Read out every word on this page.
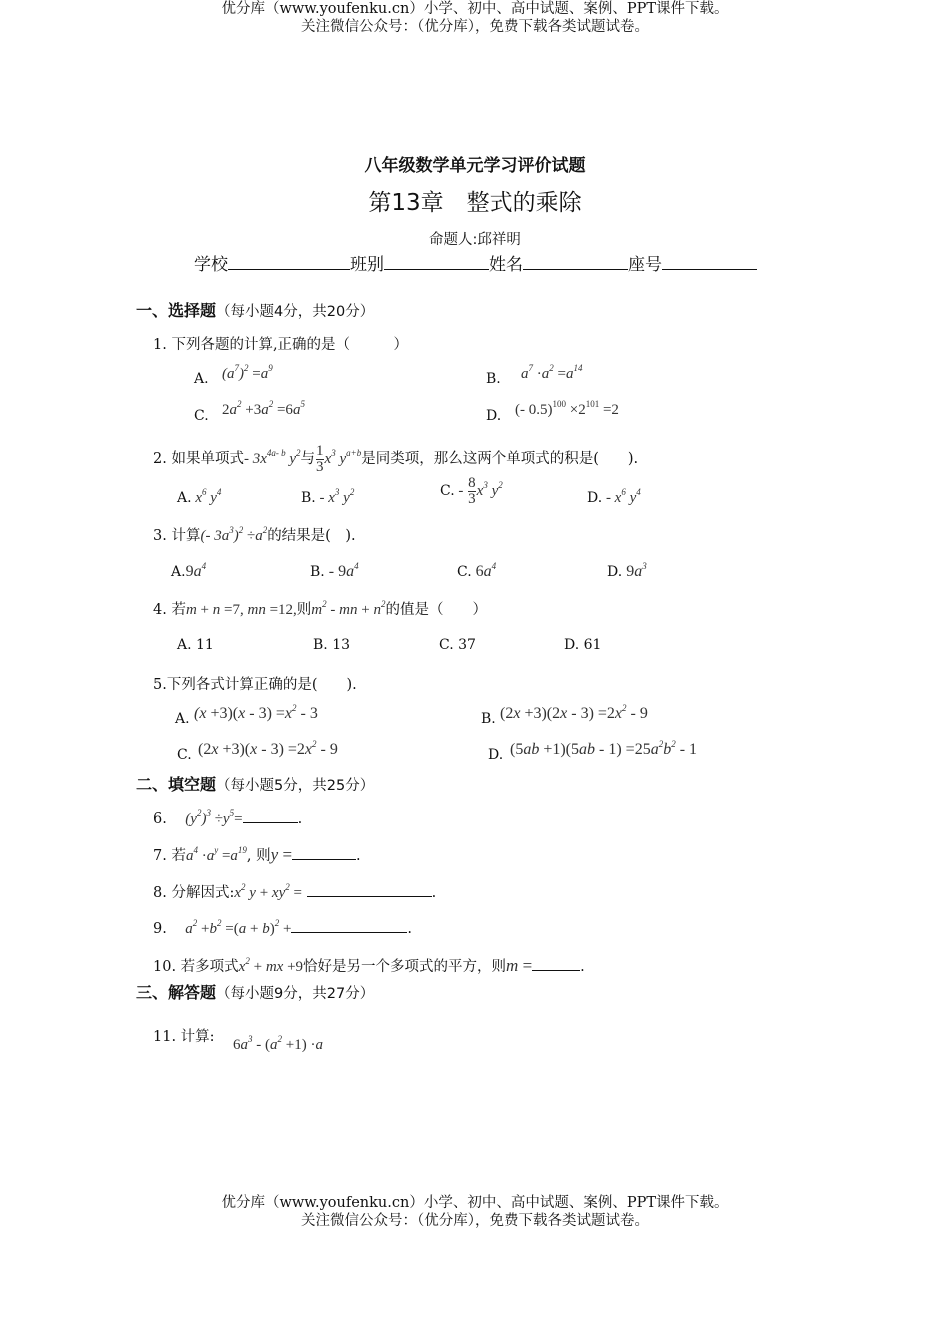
优分库（www.youfenku.cn）小学、初中、高中试题、案例、PPT课件下载。
关注微信公众号：（优分库），免费下载各类试题试卷。
八年级数学单元学习评价试题
第13章　整式的乘除
命题人:邱祥明
学校	班别	姓名	座号
一、选择题（每小题4分，共20分）
1. 下列各题的计算,正确的是（　　　）
A. $(a^7)^2 =a^9$
B. $a^7 \cdot a^2 =a^{14}$
C. $2a^2 +3a^2 =6a^5$
D. (- $0.5)^{100} \times 2^{101} =2$
2. 如果单项式- $3x^{4a- b}$ $y^2$与 $\frac{1}{3} x^3$ $y^{a+b}$是同类项，那么这两个单项式的积是(　　).
A. $x^6$ $y^4$	B. - $x^3$ $y^2$	C. - $\frac{8}{3} x^3$ $y^2$
D. - $x^6$ $y^4$
3. 计算(- $3a^3)^2 \div a^2$的结果是(　).
$A.9a^4$	B. - $9a^4$	C. $6a^4$	D. $9a^3$
4. 若m + n =7, mn =12,则$m^2$ - mn + $n^2$的值是（　　）
A. 11	B. 13	C. 37	D. 61
5.下列各式计算正确的是(　　).
A. $(x +3)(x - 3) =x^2 - 3$	B. $(2x +3)(2x - 3) =2x^2 - 9$
C. $(2x +3)(x - 3) =2x^2 - 9$	D. $(5ab +1)(5ab - 1) =25a^2b^2 - 1$
二、填空题（每小题5分，共25分）
6. $(y^2)^3 \div y^5=$	.
7. 若$a^4 \cdot a^y =a^{19}$, 则y =	.
8. 分解因式$:x^2$ $y + xy^2$ =	.
9. $a^2 +b^2 =(a + b)^2$ +	.
10. 若多项式$x^2$ + mx +9恰好是另一个多项式的平方，则m =	.
三、解答题（每小题9分，共27分）
11. 计算: $6a^3 - (a^2 +1) \cdot a$
优分库（www.youfenku.cn）小学、初中、高中试题、案例、PPT课件下载。
关注微信公众号：（优分库），免费下载各类试题试卷。
